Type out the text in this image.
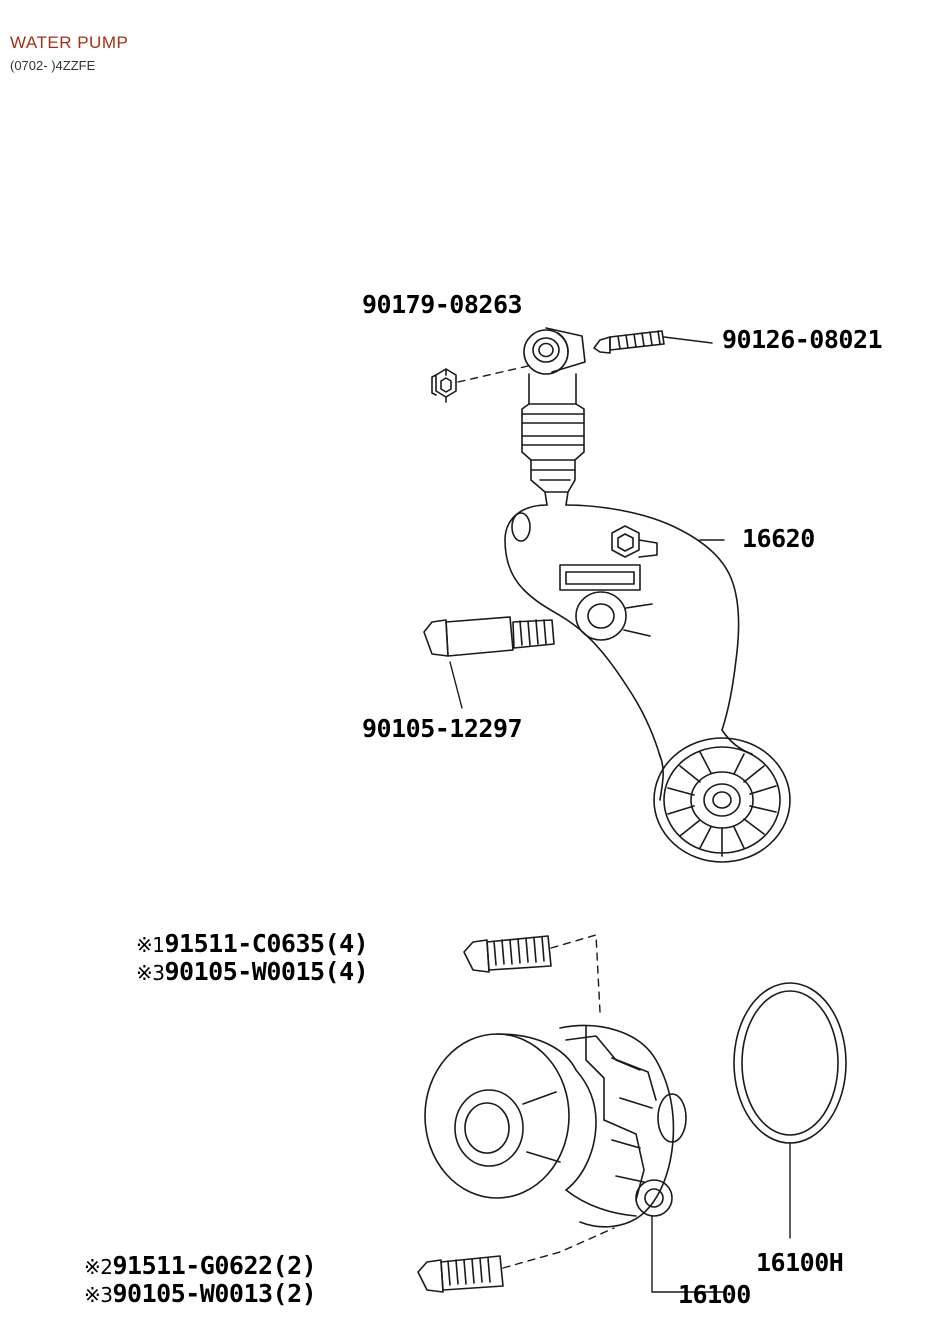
WATER PUMP
(0702- )4ZZFE
90179-08263
90126-08021
16620
90105-12297
※191511-C0635(4)
※390105-W0015(4)
※291511-G0622(2)
※390105-W0013(2)
16100H
16100
